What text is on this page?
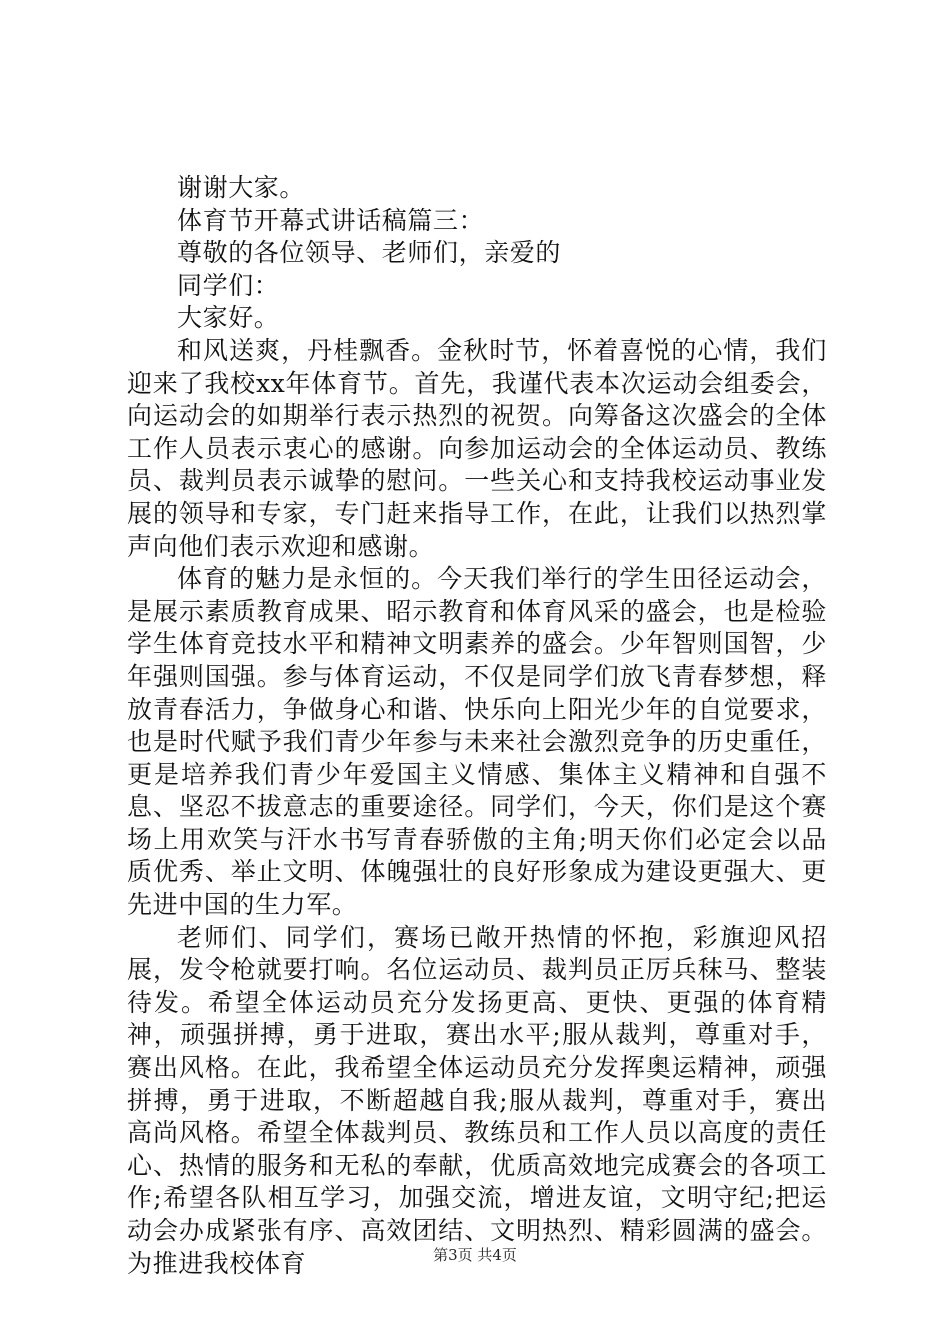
谢谢大家。

体育节开幕式讲话稿篇三：

尊敬的各位领导、老师们，亲爱的

同学们：

大家好。

和风送爽，丹桂飘香。金秋时节，怀着喜悦的心情，我们迎来了我校xx年体育节。首先，我谨代表本次运动会组委会，向运动会的如期举行表示热烈的祝贺。向筹备这次盛会的全体工作人员表示衷心的感谢。向参加运动会的全体运动员、教练员、裁判员表示诚挚的慰问。一些关心和支持我校运动事业发展的领导和专家，专门赶来指导工作，在此，让我们以热烈掌声向他们表示欢迎和感谢。

体育的魅力是永恒的。今天我们举行的学生田径运动会，是展示素质教育成果、昭示教育和体育风采的盛会，也是检验学生体育竞技水平和精神文明素养的盛会。少年智则国智，少年强则国强。参与体育运动，不仅是同学们放飞青春梦想，释放青春活力，争做身心和谐、快乐向上阳光少年的自觉要求，也是时代赋予我们青少年参与未来社会激烈竞争的历史重任，更是培养我们青少年爱国主义情感、集体主义精神和自强不息、坚忍不拔意志的重要途径。同学们，今天，你们是这个赛场上用欢笑与汗水书写青春骄傲的主角;明天你们必定会以品质优秀、举止文明、体魄强壮的良好形象成为建设更强大、更先进中国的生力军。

老师们、同学们，赛场已敞开热情的怀抱，彩旗迎风招展，发令枪就要打响。名位运动员、裁判员正厉兵秣马、整装待发。希望全体运动员充分发扬更高、更快、更强的体育精神，顽强拼搏，勇于进取，赛出水平;服从裁判，尊重对手，赛出风格。在此，我希望全体运动员充分发挥奥运精神，顽强拼搏，勇于进取，不断超越自我;服从裁判，尊重对手，赛出高尚风格。希望全体裁判员、教练员和工作人员以高度的责任心、热情的服务和无私的奉献，优质高效地完成赛会的各项工作;希望各队相互学习，加强交流，增进友谊，文明守纪;把运动会办成紧张有序、高效团结、文明热烈、精彩圆满的盛会。为推进我校体育	第3页 共4页
